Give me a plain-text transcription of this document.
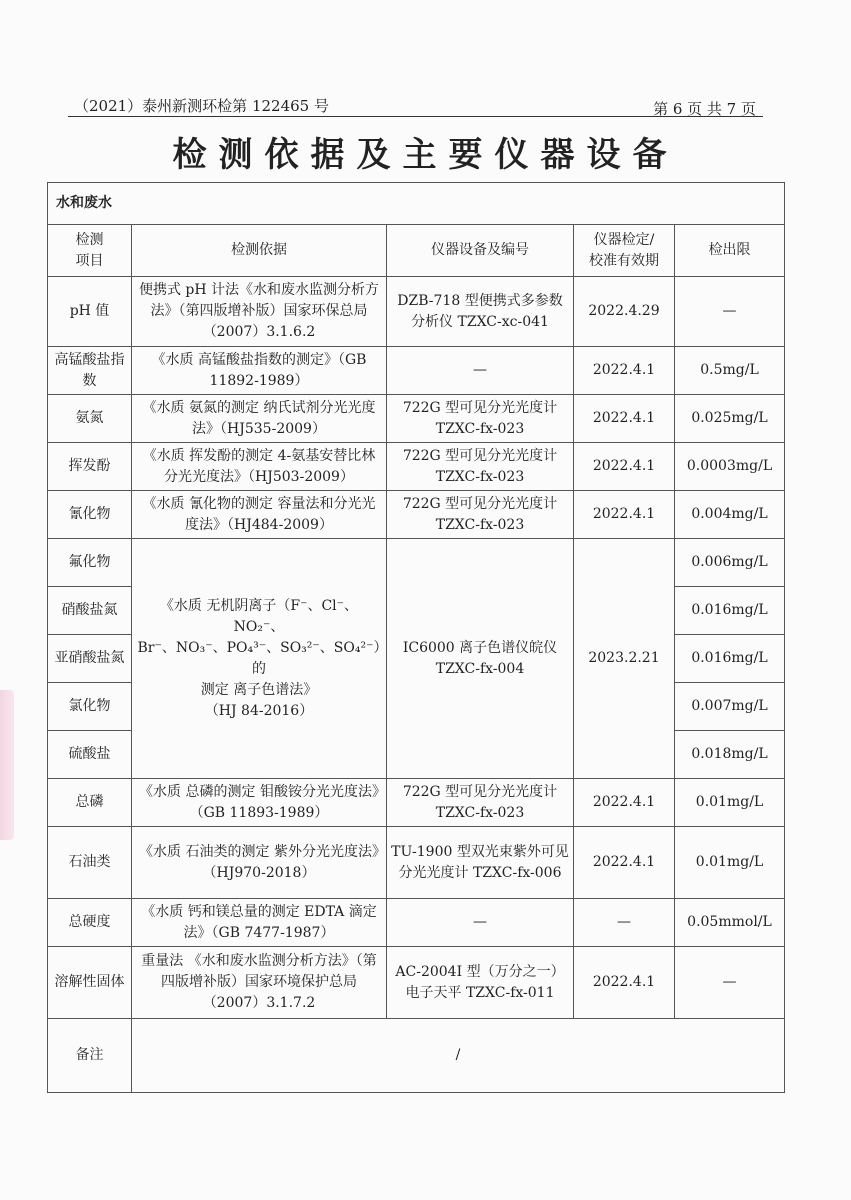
（2021）泰州新测环检第 122465 号	第 6 页 共 7 页
检测依据及主要仪器设备
水和废水				
检测
项目	检测依据	仪器设备及编号	仪器检定/
校准有效期	检出限
pH 值	便携式 pH 计法《水和废水监测分析方法》（第四版增补版）国家环保总局（2007）3.1.6.2	DZB-718 型便携式多参数分析仪 TZXC-xc-041	2022.4.29	—
高锰酸盐指数	《水质 高锰酸盐指数的测定》（GB 11892-1989）	—	2022.4.1	0.5mg/L
氨氮	《水质 氨氮的测定 纳氏试剂分光光度法》（HJ535-2009）	722G 型可见分光光度计 TZXC-fx-023	2022.4.1	0.025mg/L
挥发酚	《水质 挥发酚的测定 4-氨基安替比林分光光度法》（HJ503-2009）	722G 型可见分光光度计 TZXC-fx-023	2022.4.1	0.0003mg/L
氰化物	《水质 氰化物的测定 容量法和分光光度法》（HJ484-2009）	722G 型可见分光光度计 TZXC-fx-023	2022.4.1	0.004mg/L
氟化物	《水质 无机阴离子（F⁻、Cl⁻、NO₂⁻、
Br⁻、NO₃⁻、PO₄³⁻、SO₃²⁻、SO₄²⁻）的
测定 离子色谱法》
（HJ 84-2016）	IC6000 离子色谱仪皖仪 TZXC-fx-004	2023.2.21	0.006mg/L
硝酸盐氮				0.016mg/L
亚硝酸盐氮				0.016mg/L
氯化物				0.007mg/L
硫酸盐				0.018mg/L
总磷	《水质 总磷的测定 钼酸铵分光光度法》（GB 11893-1989）	722G 型可见分光光度计 TZXC-fx-023	2022.4.1	0.01mg/L
石油类	《水质 石油类的测定 紫外分光光度法》（HJ970-2018）	TU-1900 型双光束紫外可见分光光度计 TZXC-fx-006	2022.4.1	0.01mg/L
总硬度	《水质 钙和镁总量的测定 EDTA 滴定法》（GB 7477-1987）	—	—	0.05mmol/L
溶解性固体	重量法 《水和废水监测分析方法》（第四版增补版）国家环境保护总局（2007）3.1.7.2	AC-2004I 型（万分之一）电子天平 TZXC-fx-011	2022.4.1	—
备注	/			
